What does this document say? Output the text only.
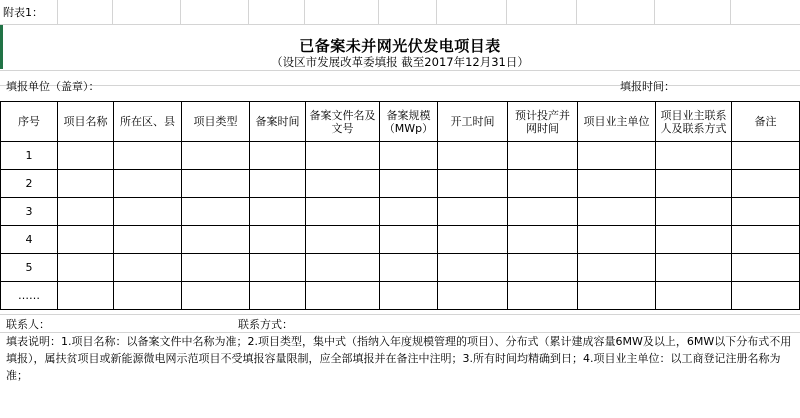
附表1：
已备案未并网光伏发电项目表
（设区市发展改革委填报 截至2017年12月31日）
填报单位（盖章）：	填报时间：
序号	项目名称	所在区、县	项目类型	备案时间	备案文件名及文号	备案规模（MWp）	开工时间	预计投产并网时间	项目业主单位	项目业主联系人及联系方式	备注
1											
2											
3											
4											
5											
……											
联系人：	联系方式：
填表说明：1.项目名称：以备案文件中名称为准；2.项目类型，集中式（指纳入年度规模管理的项目）、分布式（累计建成容量6MW及以上，6MW以下分布式不用填报），属扶贫项目或新能源微电网示范项目不受填报容量限制，应全部填报并在备注中注明；3.所有时间均精确到日；4.项目业主单位：以工商登记注册名称为准；
